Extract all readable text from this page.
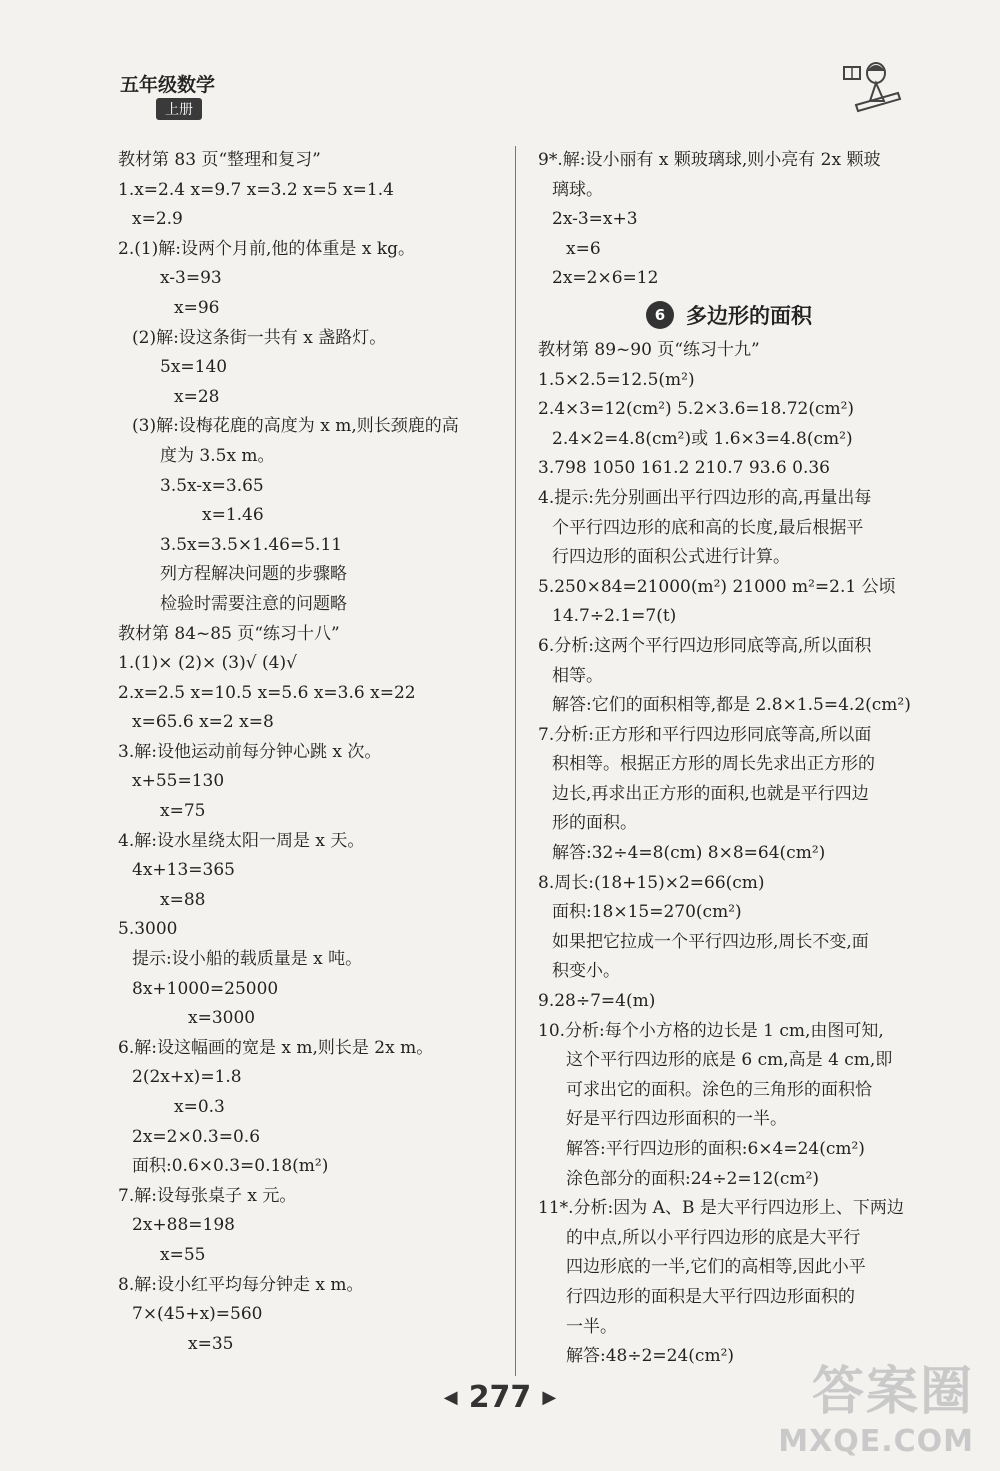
五年级数学
上册
教材第 83 页“整理和复习”
1.x=2.4 x=9.7 x=3.2 x=5 x=1.4
x=2.9
2.(1)解:设两个月前,他的体重是 x kg。
x-3=93
x=96
(2)解:设这条街一共有 x 盏路灯。
5x=140
x=28
(3)解:设梅花鹿的高度为 x m,则长颈鹿的高
度为 3.5x m。
3.5x-x=3.65
x=1.46
3.5x=3.5×1.46=5.11
列方程解决问题的步骤略
检验时需要注意的问题略
教材第 84~85 页“练习十八”
1.(1)× (2)× (3)√ (4)√
2.x=2.5 x=10.5 x=5.6 x=3.6 x=22
x=65.6 x=2 x=8
3.解:设他运动前每分钟心跳 x 次。
x+55=130
x=75
4.解:设水星绕太阳一周是 x 天。
4x+13=365
x=88
5.3000
提示:设小船的载质量是 x 吨。
8x+1000=25000
x=3000
6.解:设这幅画的宽是 x m,则长是 2x m。
2(2x+x)=1.8
x=0.3
2x=2×0.3=0.6
面积:0.6×0.3=0.18(m²)
7.解:设每张桌子 x 元。
2x+88=198
x=55
8.解:设小红平均每分钟走 x m。
7×(45+x)=560
x=35
9*.解:设小丽有 x 颗玻璃球,则小亮有 2x 颗玻
璃球。
2x-3=x+3
x=6
2x=2×6=12
6 多边形的面积
教材第 89~90 页“练习十九”
1.5×2.5=12.5(m²)
2.4×3=12(cm²) 5.2×3.6=18.72(cm²)
2.4×2=4.8(cm²)或 1.6×3=4.8(cm²)
3.798 1050 161.2 210.7 93.6 0.36
4.提示:先分别画出平行四边形的高,再量出每
个平行四边形的底和高的长度,最后根据平
行四边形的面积公式进行计算。
5.250×84=21000(m²) 21000 m²=2.1 公顷
14.7÷2.1=7(t)
6.分析:这两个平行四边形同底等高,所以面积
相等。
解答:它们的面积相等,都是 2.8×1.5=4.2(cm²)
7.分析:正方形和平行四边形同底等高,所以面
积相等。根据正方形的周长先求出正方形的
边长,再求出正方形的面积,也就是平行四边
形的面积。
解答:32÷4=8(cm) 8×8=64(cm²)
8.周长:(18+15)×2=66(cm)
面积:18×15=270(cm²)
如果把它拉成一个平行四边形,周长不变,面
积变小。
9.28÷7=4(m)
10.分析:每个小方格的边长是 1 cm,由图可知,
这个平行四边形的底是 6 cm,高是 4 cm,即
可求出它的面积。涂色的三角形的面积恰
好是平行四边形面积的一半。
解答:平行四边形的面积:6×4=24(cm²)
涂色部分的面积:24÷2=12(cm²)
11*.分析:因为 A、B 是大平行四边形上、下两边
的中点,所以小平行四边形的底是大平行
四边形底的一半,它们的高相等,因此小平
行四边形的面积是大平行四边形面积的
一半。
解答:48÷2=24(cm²)
◀ 277 ▶	答案圈
MXQE.COM
